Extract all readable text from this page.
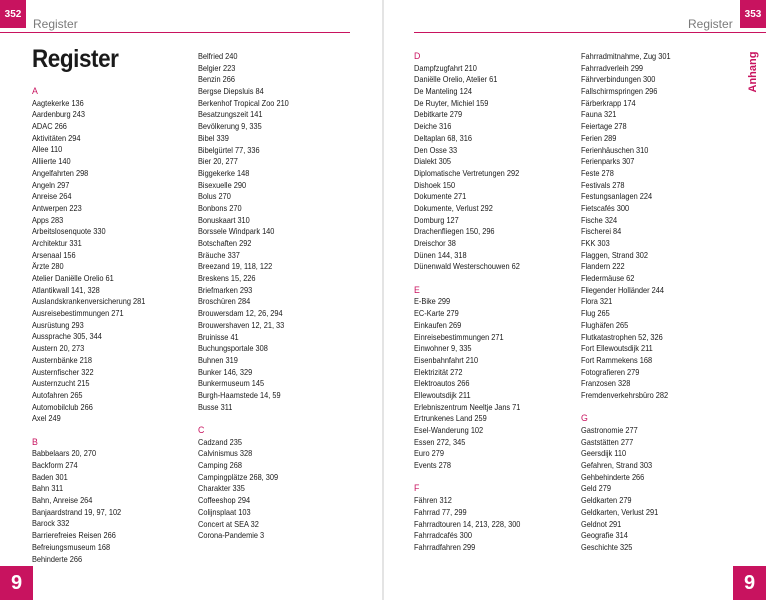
352
Register	Register
353
Anhang
Register
A
Aagtekerke 136
Aardenburg 243
ADAC 266
Aktivitäten 294
Allee 110
Alliierte 140
Angelfahrten 298
Angeln 297
Anreise 264
Antwerpen 223
Apps 283
Arbeitslosenquote 330
Architektur 331
Arsenaal 156
Ärzte 280
Atelier Daniëlle Orelio 61
Atlantikwall 141, 328
Auslandskrankenversicherung 281
Ausreisebestimmungen 271
Ausrüstung 293
Aussprache 305, 344
Austern 20, 273
Austernbänke 218
Austernfischer 322
Austernzucht 215
Autofahren 265
Automobilclub 266
Axel 249
B
Babbelaars 20, 270
Backform 274
Baden 301
Bahn 311
Bahn, Anreise 264
Banjaardstrand 19, 97, 102
Barock 332
Barrierefreies Reisen 266
Befreiungsmuseum 168
Behinderte 266
Belfried 240
Belgier 223
Benzin 266
Bergse Diepsluis 84
Berkenhof Tropical Zoo 210
Besatzungszeit 141
Bevölkerung 9, 335
Bibel 339
Bibelgürtel 77, 336
Bier 20, 277
Biggekerke 148
Bisexuelle 290
Bolus 270
Bonbons 270
Bonuskaart 310
Borssele Windpark 140
Botschaften 292
Bräuche 337
Breezand 19, 118, 122
Breskens 15, 226
Briefmarken 293
Broschüren 284
Brouwersdam 12, 26, 294
Brouwershaven 12, 21, 33
Bruinisse 41
Buchungsportale 308
Buhnen 319
Bunker 146, 329
Bunkermuseum 145
Burgh-Haamstede 14, 59
Busse 311
C
Cadzand 235
Calvinismus 328
Camping 268
Campingplätze 268, 309
Charakter 335
Coffeeshop 294
Colijnsplaat 103
Concert at SEA 32
Corona-Pandemie 3
D
Dampfzugfahrt 210
Daniëlle Orelio, Atelier 61
De Manteling 124
De Ruyter, Michiel 159
Debitkarte 279
Deiche 316
Deltaplan 68, 316
Den Osse 33
Dialekt 305
Diplomatische Vertretungen 292
Dishoek 150
Dokumente 271
Dokumente, Verlust 292
Domburg 127
Drachenfliegen 150, 296
Dreischor 38
Dünen 144, 318
Dünenwald Westerschouwen 62
E
E-Bike 299
EC-Karte 279
Einkaufen 269
Einreisebestimmungen 271
Einwohner 9, 335
Eisenbahnfahrt 210
Elektrizität 272
Elektroautos 266
Ellewoutsdijk 211
Erlebniszentrum Neeltje Jans 71
Ertrunkenes Land 259
Esel-Wanderung 102
Essen 272, 345
Euro 279
Events 278
F
Fähren 312
Fahrrad 77, 299
Fahrradtouren 14, 213, 228, 300
Fahrradcafés 300
Fahrradfahren 299
Fahrradmitnahme, Zug 301
Fahrradverleih 299
Fährverbindungen 300
Fallschirmspringen 296
Färberkrapp 174
Fauna 321
Feiertage 278
Ferien 289
Ferienhäuschen 310
Ferienparks 307
Feste 278
Festivals 278
Festungsanlagen 224
Fietscafés 300
Fische 324
Fischerei 84
FKK 303
Flaggen, Strand 302
Flandern 222
Fledermäuse 62
Fliegender Holländer 244
Flora 321
Flug 265
Flughäfen 265
Flutkatastrophen 52, 326
Fort Ellewoutsdijk 211
Fort Rammekens 168
Fotografieren 279
Franzosen 328
Fremdenverkehrsbüro 282
G
Gastronomie 277
Gaststätten 277
Geersdijk 110
Gefahren, Strand 303
Gehbehinderte 266
Geld 279
Geldkarten 279
Geldkarten, Verlust 291
Geldnot 291
Geografie 314
Geschichte 325
9	9
